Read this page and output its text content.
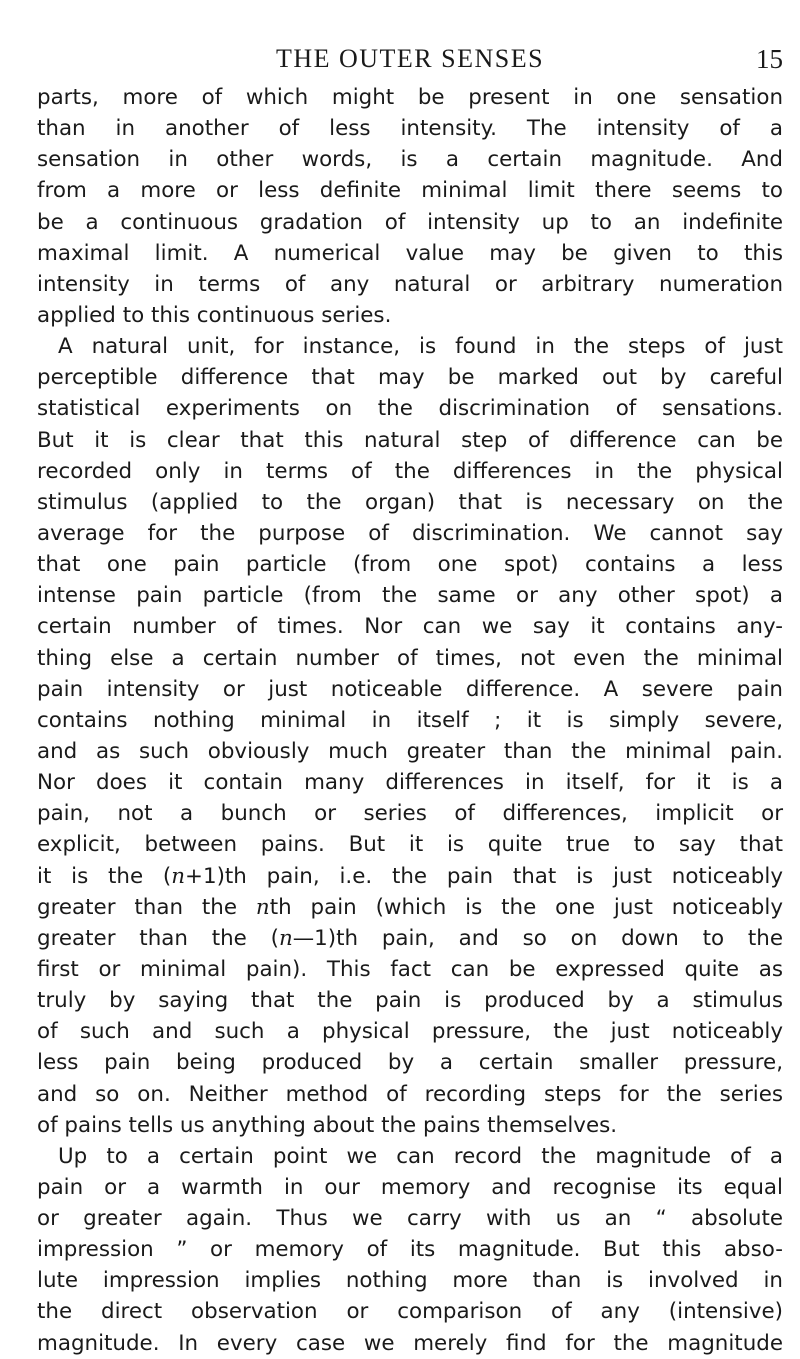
THE OUTER SENSES	15
parts, more of which might be present in one sensation
than in another of less intensity. The intensity of a
sensation in other words, is a certain magnitude. And
from a more or less definite minimal limit there seems to
be a continuous gradation of intensity up to an indefinite
maximal limit. A numerical value may be given to this
intensity in terms of any natural or arbitrary numeration
applied to this continuous series.
A natural unit, for instance, is found in the steps of just
perceptible difference that may be marked out by careful
statistical experiments on the discrimination of sensations.
But it is clear that this natural step of difference can be
recorded only in terms of the differences in the physical
stimulus (applied to the organ) that is necessary on the
average for the purpose of discrimination. We cannot say
that one pain particle (from one spot) contains a less
intense pain particle (from the same or any other spot) a
certain number of times. Nor can we say it contains any-
thing else a certain number of times, not even the minimal
pain intensity or just noticeable difference. A severe pain
contains nothing minimal in itself ; it is simply severe,
and as such obviously much greater than the minimal pain.
Nor does it contain many differences in itself, for it is a
pain, not a bunch or series of differences, implicit or
explicit, between pains. But it is quite true to say that
it is the (n+1)th pain, i.e. the pain that is just noticeably
greater than the nth pain (which is the one just noticeably
greater than the (n—1)th pain, and so on down to the
first or minimal pain). This fact can be expressed quite as
truly by saying that the pain is produced by a stimulus
of such and such a physical pressure, the just noticeably
less pain being produced by a certain smaller pressure,
and so on. Neither method of recording steps for the series
of pains tells us anything about the pains themselves.
Up to a certain point we can record the magnitude of a
pain or a warmth in our memory and recognise its equal
or greater again. Thus we carry with us an “ absolute
impression ” or memory of its magnitude. But this abso-
lute impression implies nothing more than is involved in
the direct observation or comparison of any (intensive)
magnitude. In every case we merely find for the magnitude
